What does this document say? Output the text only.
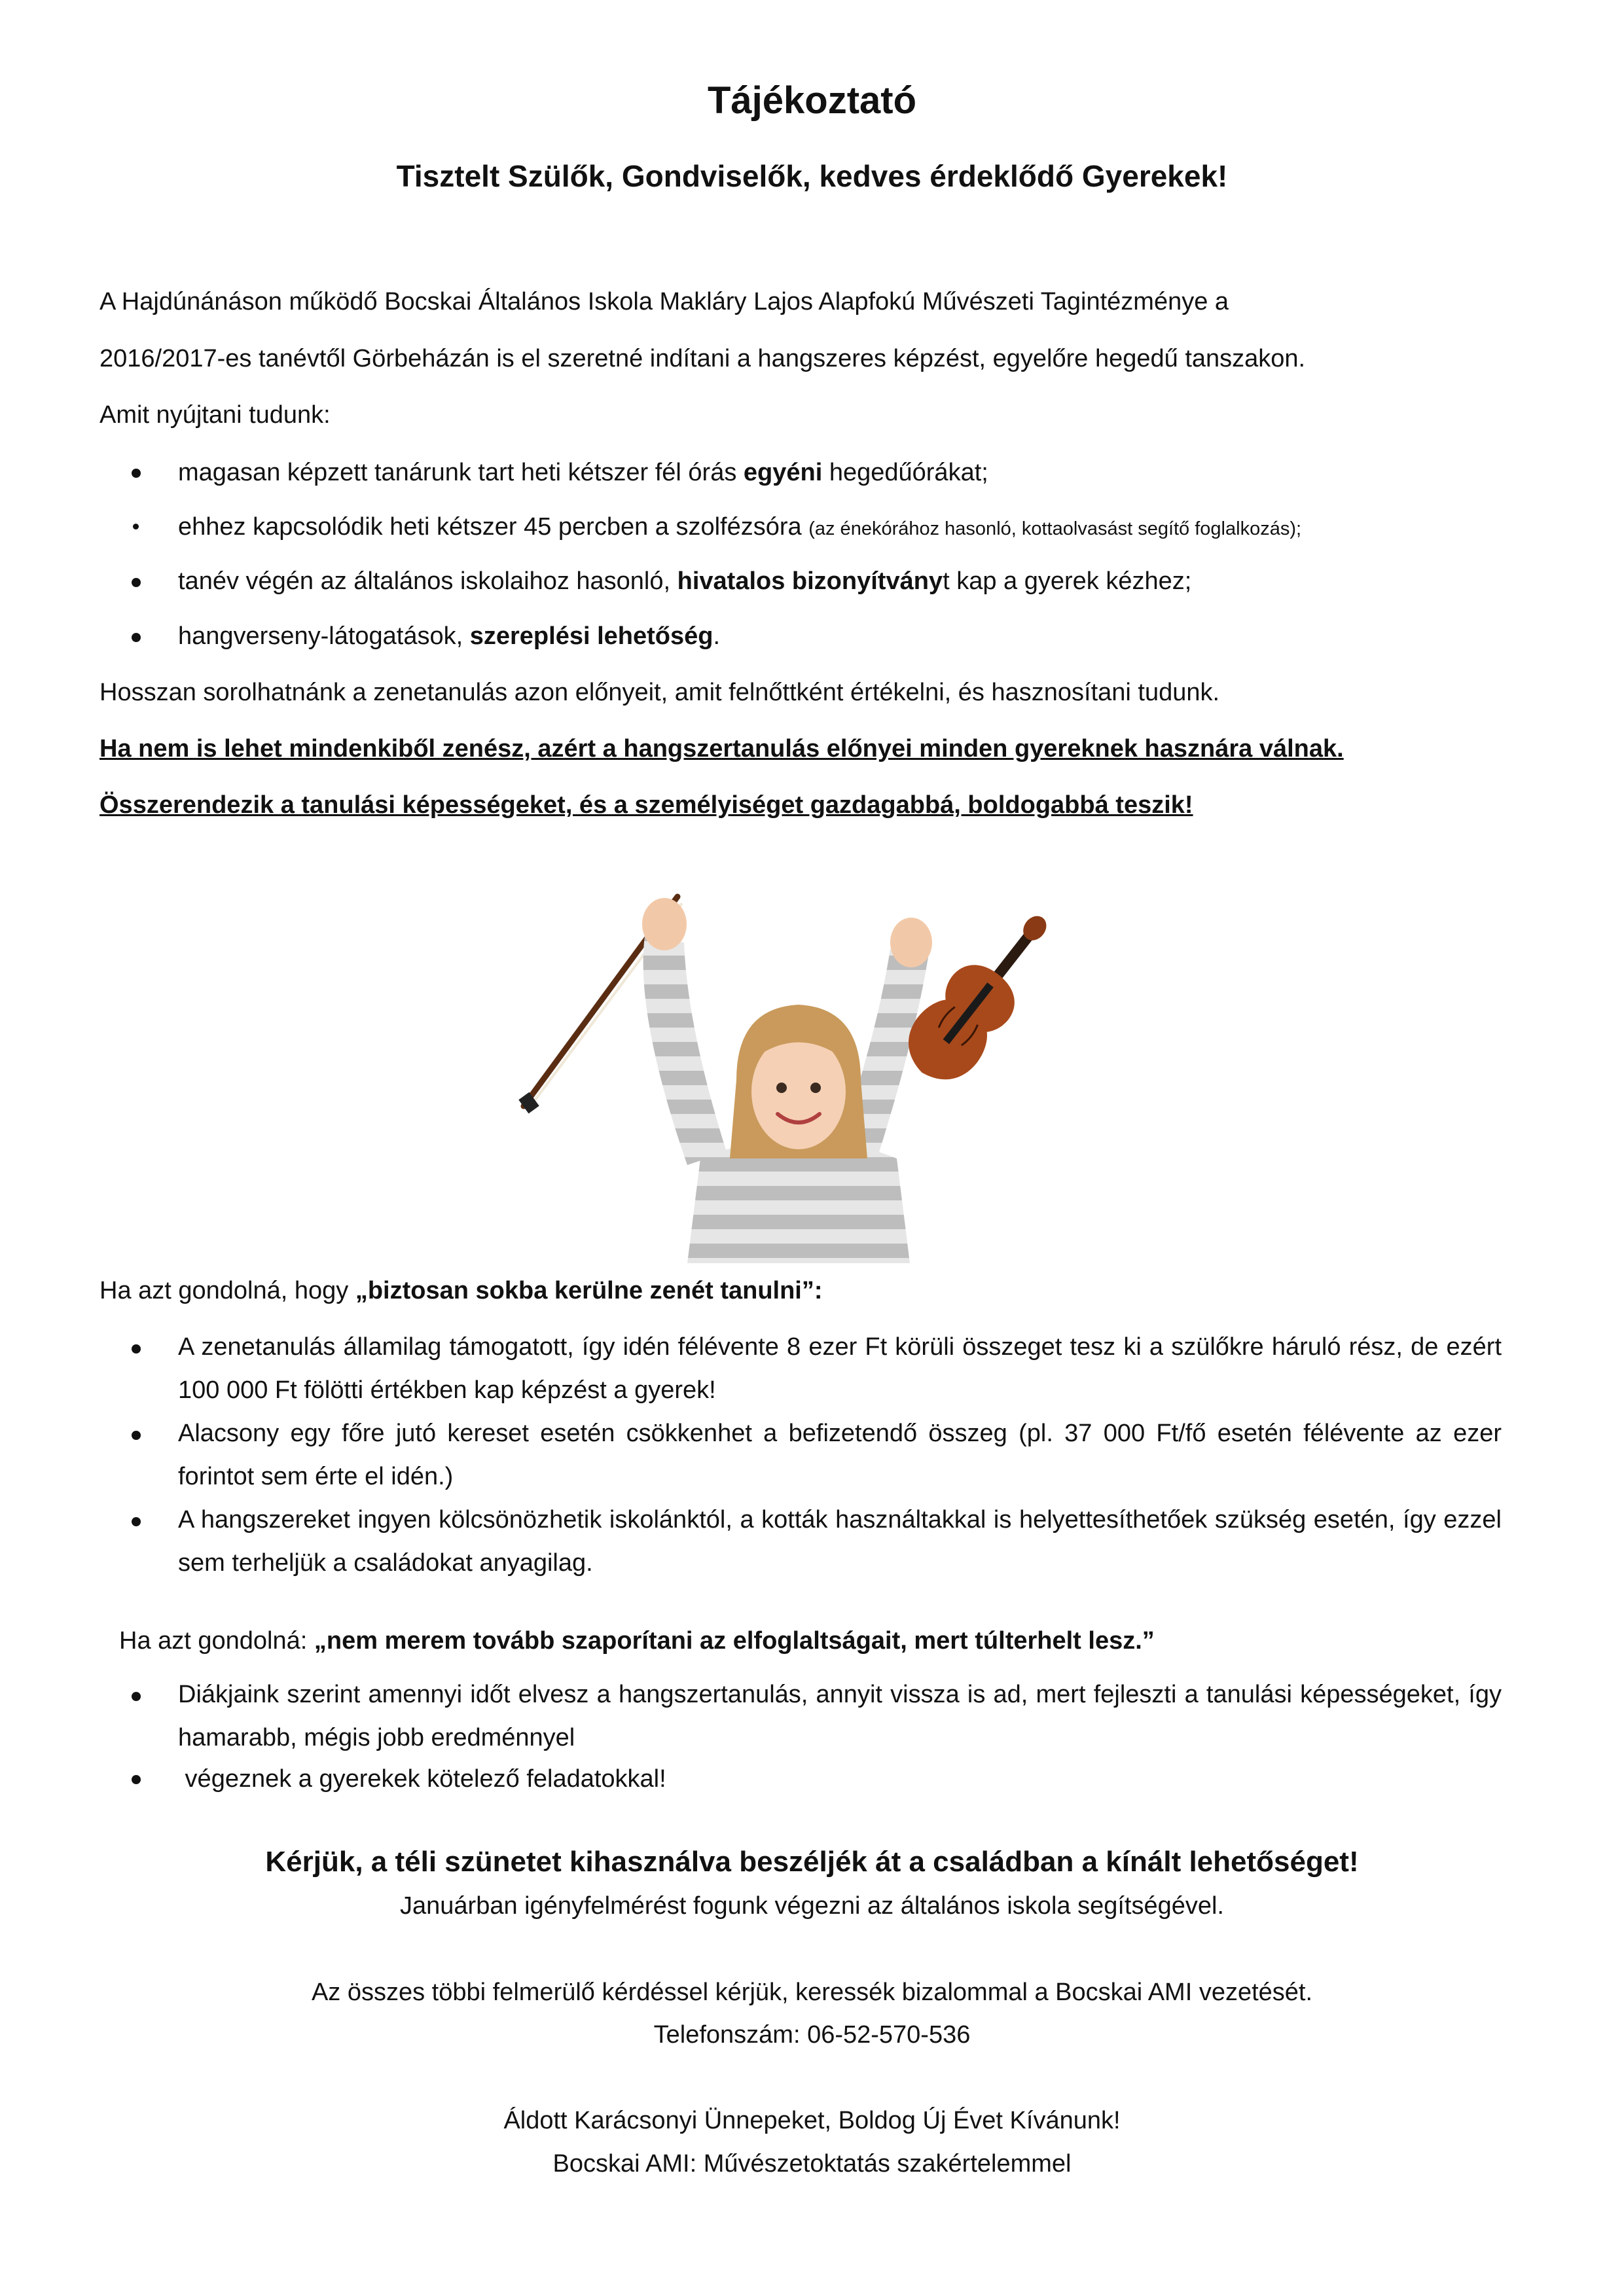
Tájékoztató
Tisztelt Szülők, Gondviselők, kedves érdeklődő Gyerekek!
A Hajdúnánáson működő Bocskai Általános Iskola Makláry Lajos Alapfokú Művészeti Tagintézménye a
2016/2017-es tanévtől Görbeházán is el szeretné indítani a hangszeres képzést, egyelőre hegedű tanszakon.
Amit nyújtani tudunk:
magasan képzett tanárunk tart heti kétszer fél órás egyéni hegedűórákat;
ehhez kapcsolódik heti kétszer 45 percben a szolfézsóra (az énekórához hasonló, kottaolvasást segítő foglalkozás);
tanév végén az általános iskolaihoz hasonló, hivatalos bizonyítványt kap a gyerek kézhez;
hangverseny-látogatások, szereplési lehetőség.
Hosszan sorolhatnánk a zenetanulás azon előnyeit, amit felnőttként értékelni, és hasznosítani tudunk.
Ha nem is lehet mindenkiből zenész, azért a hangszertanulás előnyei minden gyereknek hasznára válnak.
Összerendezik a tanulási képességeket, és a személyiséget gazdagabbá, boldogabbá teszik!
Ha azt gondolná, hogy „biztosan sokba kerülne zenét tanulni”:
A zenetanulás államilag támogatott, így idén félévente 8 ezer Ft körüli összeget tesz ki a szülőkre háruló rész, de ezért 100 000 Ft fölötti értékben kap képzést a gyerek!
Alacsony egy főre jutó kereset esetén csökkenhet a befizetendő összeg (pl. 37 000 Ft/fő esetén félévente az ezer forintot sem érte el idén.)
A hangszereket ingyen kölcsönözhetik iskolánktól, a kották használtakkal is helyettesíthetőek szükség esetén, így ezzel sem terheljük a családokat anyagilag.
Ha azt gondolná: „nem merem tovább szaporítani az elfoglaltságait, mert túlterhelt lesz.”
Diákjaink szerint amennyi időt elvesz a hangszertanulás, annyit vissza is ad, mert fejleszti a tanulási képességeket, így hamarabb, mégis jobb eredménnyel
végeznek a gyerekek kötelező feladatokkal!
Kérjük, a téli szünetet kihasználva beszéljék át a családban a kínált lehetőséget!
Januárban igényfelmérést fogunk végezni az általános iskola segítségével.
Az összes többi felmerülő kérdéssel kérjük, keressék bizalommal a Bocskai AMI vezetését.
Telefonszám: 06-52-570-536
Áldott Karácsonyi Ünnepeket, Boldog Új Évet Kívánunk!
Bocskai AMI: Művészetoktatás szakértelemmel
